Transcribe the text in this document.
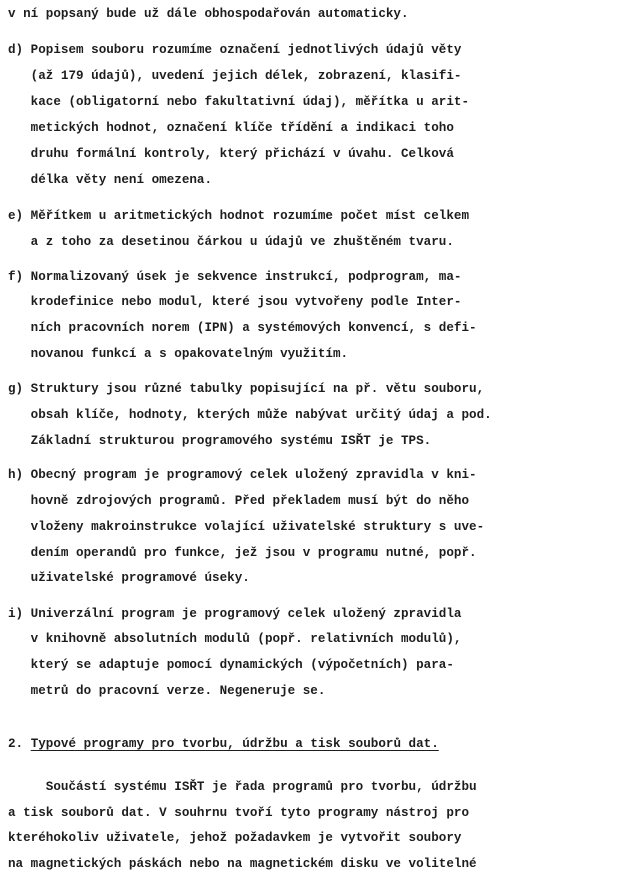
v ní popsaný bude už dále obhospodařován automaticky.
d) Popisem souboru rozumíme označení jednotlivých údajů věty
(až 179 údajů), uvedení jejich délek, zobrazení, klasifi-
kace (obligatorní nebo fakultativní údaj), měřítka u arit-
metických hodnot, označení klíče třídění a indikaci toho
druhu formální kontroly, který přichází v úvahu. Celková
délka věty není omezena.
e) Měřítkem u aritmetických hodnot rozumíme počet míst celkem
a z toho za desetinou čárkou u údajů ve zhuštěném tvaru.
f) Normalizovaný úsek je sekvence instrukcí, podprogram, ma-
krodefinice nebo modul, které jsou vytvořeny podle Inter-
ních pracovních norem (IPN) a systémových konvencí, s defi-
novanou funkcí a s opakovatelným využitím.
g) Struktury jsou různé tabulky popisující na př. větu souboru,
obsah klíče, hodnoty, kterých může nabývat určitý údaj a pod.
Základní strukturou programového systému ISŘT je TPS.
h) Obecný program je programový celek uložený zpravidla v kni-
hovně zdrojových programů. Před překladem musí být do něho
vloženy makroinstrukce volající uživatelské struktury s uve-
dením operandů pro funkce, jež jsou v programu nutné, popř.
uživatelské programové úseky.
i) Univerzální program je programový celek uložený zpravidla
v knihovně absolutních modulů (popř. relativních modulů),
který se adaptuje pomocí dynamických (výpočetních) para-
metrů do pracovní verze. Negeneruje se.
2. Typové programy pro tvorbu, údržbu a tisk souborů dat.
Součástí systému ISŘT je řada programů pro tvorbu, údržbu
a tisk souborů dat. V souhrnu tvoří tyto programy nástroj pro
kteréhokoliv uživatele, jehož požadavkem je vytvořit soubory
na magnetických páskách nebo na magnetickém disku ve volitelné
